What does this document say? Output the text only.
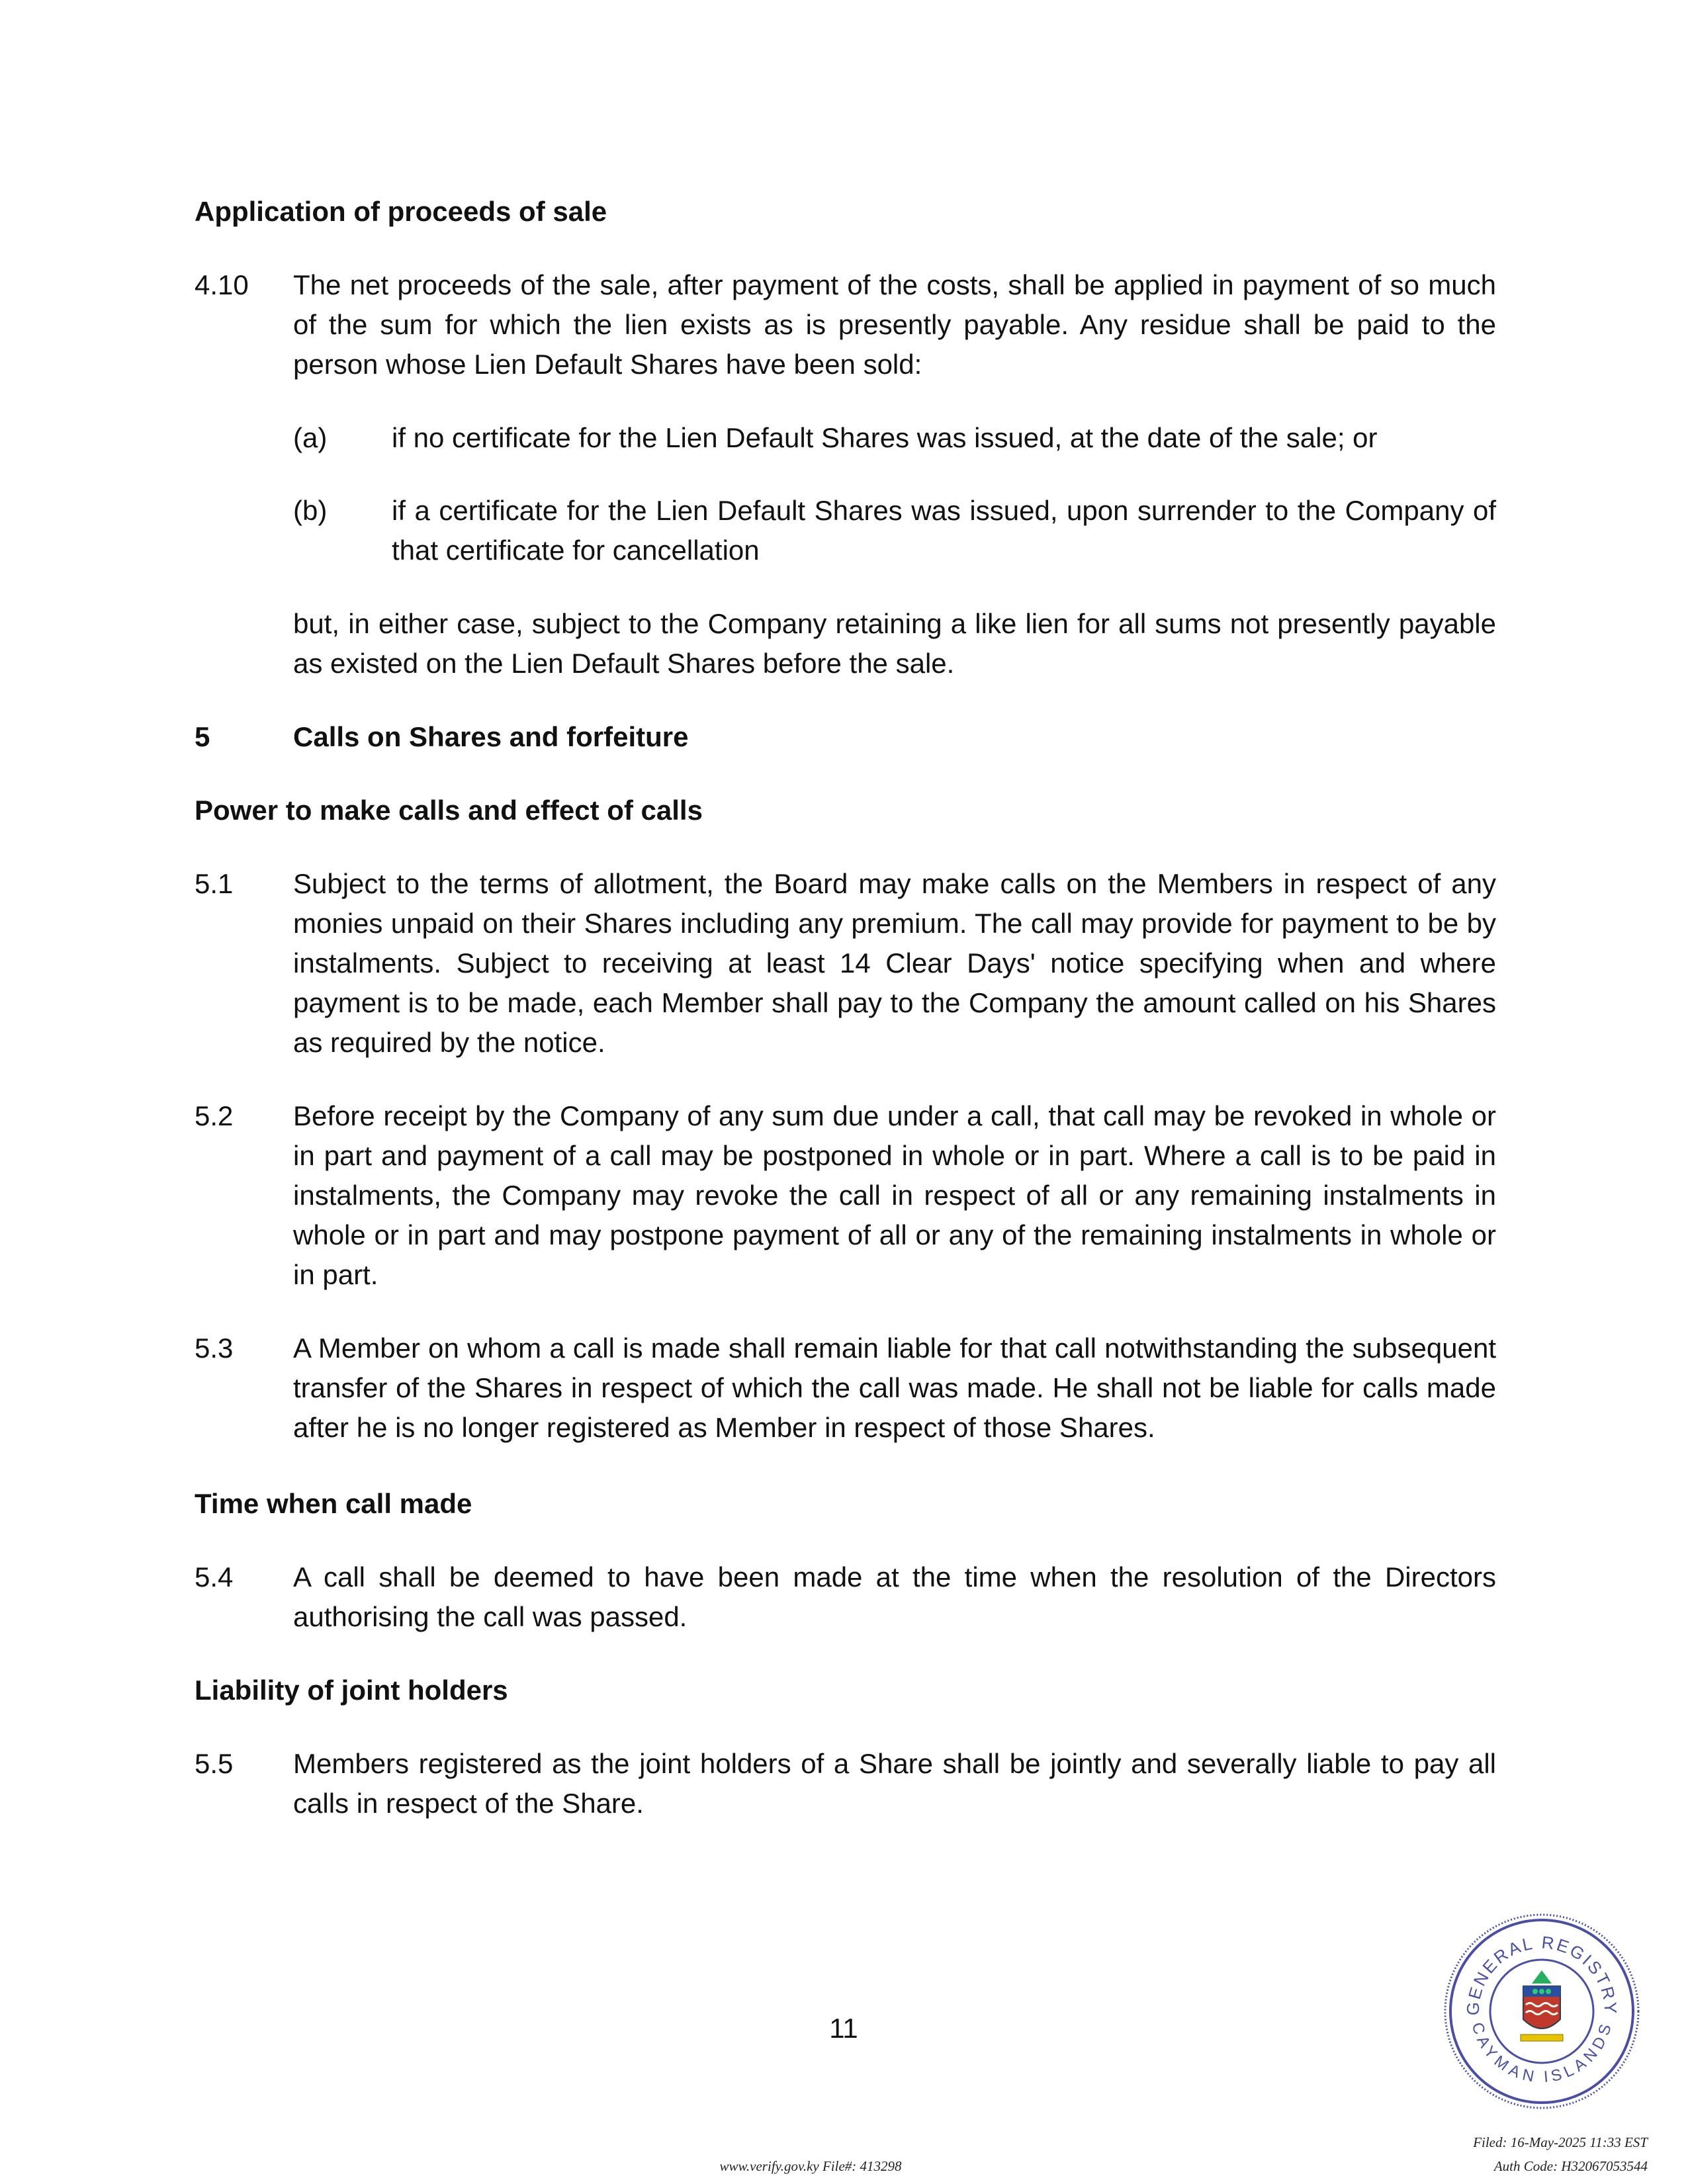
Application of proceeds of sale
4.10 The net proceeds of the sale, after payment of the costs, shall be applied in payment of so much of the sum for which the lien exists as is presently payable. Any residue shall be paid to the person whose Lien Default Shares have been sold:
(a) if no certificate for the Lien Default Shares was issued, at the date of the sale; or
(b) if a certificate for the Lien Default Shares was issued, upon surrender to the Company of that certificate for cancellation
but, in either case, subject to the Company retaining a like lien for all sums not presently payable as existed on the Lien Default Shares before the sale.
5	Calls on Shares and forfeiture
Power to make calls and effect of calls
5.1 Subject to the terms of allotment, the Board may make calls on the Members in respect of any monies unpaid on their Shares including any premium. The call may provide for payment to be by instalments. Subject to receiving at least 14 Clear Days' notice specifying when and where payment is to be made, each Member shall pay to the Company the amount called on his Shares as required by the notice.
5.2 Before receipt by the Company of any sum due under a call, that call may be revoked in whole or in part and payment of a call may be postponed in whole or in part. Where a call is to be paid in instalments, the Company may revoke the call in respect of all or any remaining instalments in whole or in part and may postpone payment of all or any of the remaining instalments in whole or in part.
5.3 A Member on whom a call is made shall remain liable for that call notwithstanding the subsequent transfer of the Shares in respect of which the call was made. He shall not be liable for calls made after he is no longer registered as Member in respect of those Shares.
Time when call made
5.4 A call shall be deemed to have been made at the time when the resolution of the Directors authorising the call was passed.
Liability of joint holders
5.5 Members registered as the joint holders of a Share shall be jointly and severally liable to pay all calls in respect of the Share.
11
GENERAL REGISTRY
CAYMAN ISLANDS
www.verify.gov.ky File#: 413298
Filed: 16-May-2025 11:33 EST
Auth Code: H32067053544
